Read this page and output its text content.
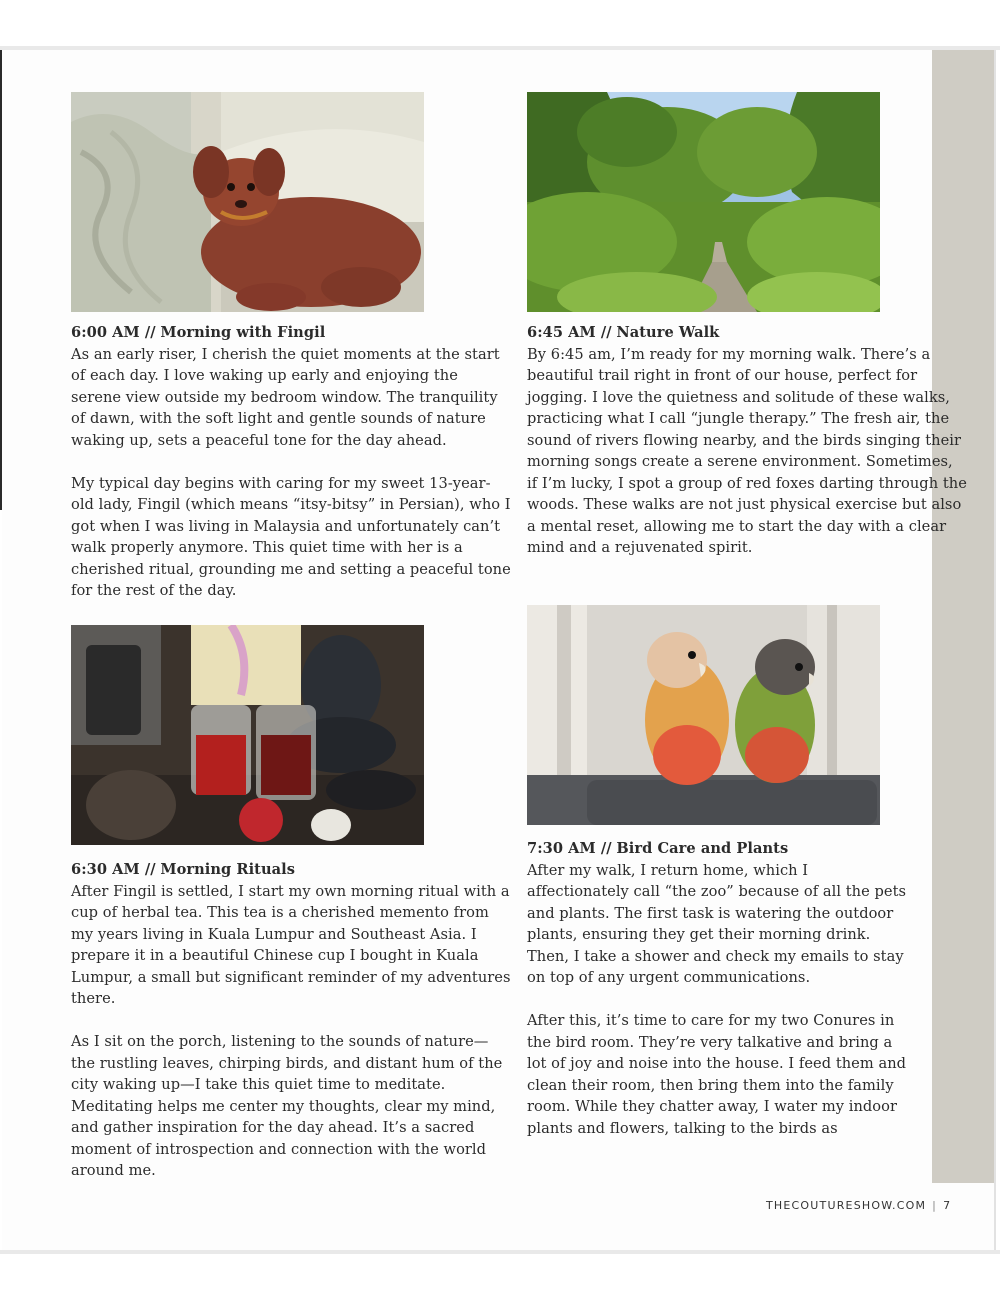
6:00 AM // Morning with Fingil
As an early riser, I cherish the quiet moments at the start of each day. I love waking up early and enjoying the serene view outside my bedroom window. The tranquility of dawn, with the soft light and gentle sounds of nature waking up, sets a peaceful tone for the day ahead.

My typical day begins with caring for my sweet 13-year-old lady, Fingil (which means “itsy-bitsy” in Persian), who I got when I was living in Malaysia and unfortunately can’t walk properly anymore. This quiet time with her is a cherished ritual, grounding me and setting a peaceful tone for the rest of the day.

6:45 AM // Nature Walk
By 6:45 am, I’m ready for my morning walk. There’s a beautiful trail right in front of our house, perfect for jogging. I love the quietness and solitude of these walks, practicing what I call “jungle therapy.” The fresh air, the sound of rivers flowing nearby, and the birds singing their morning songs create a serene environment. Sometimes, if I’m lucky, I spot a group of red foxes darting through the woods. These walks are not just physical exercise but also a mental reset, allowing me to start the day with a clear mind and a rejuvenated spirit.

6:30 AM // Morning Rituals
After Fingil is settled, I start my own morning ritual with a cup of herbal tea. This tea is a cherished memento from my years living in Kuala Lumpur and Southeast Asia. I prepare it in a beautiful Chinese cup I bought in Kuala Lumpur, a small but significant reminder of my adventures there.

As I sit on the porch, listening to the sounds of nature—the rustling leaves, chirping birds, and distant hum of the city waking up—I take this quiet time to meditate. Meditating helps me center my thoughts, clear my mind, and gather inspiration for the day ahead. It’s a sacred moment of introspection and connection with the world around me.

7:30 AM // Bird Care and Plants
After my walk, I return home, which I affectionately call “the zoo” because of all the pets and plants. The first task is watering the outdoor plants, ensuring they get their morning drink. Then, I take a shower and check my emails to stay on top of any urgent communications.

After this, it’s time to care for my two Conures in the bird room. They’re very talkative and bring a lot of joy and noise into the house. I feed them and clean their room, then bring them into the family room. While they chatter away, I water my indoor plants and flowers, talking to the birds as

THECOUTURESHOW.COM | 7
